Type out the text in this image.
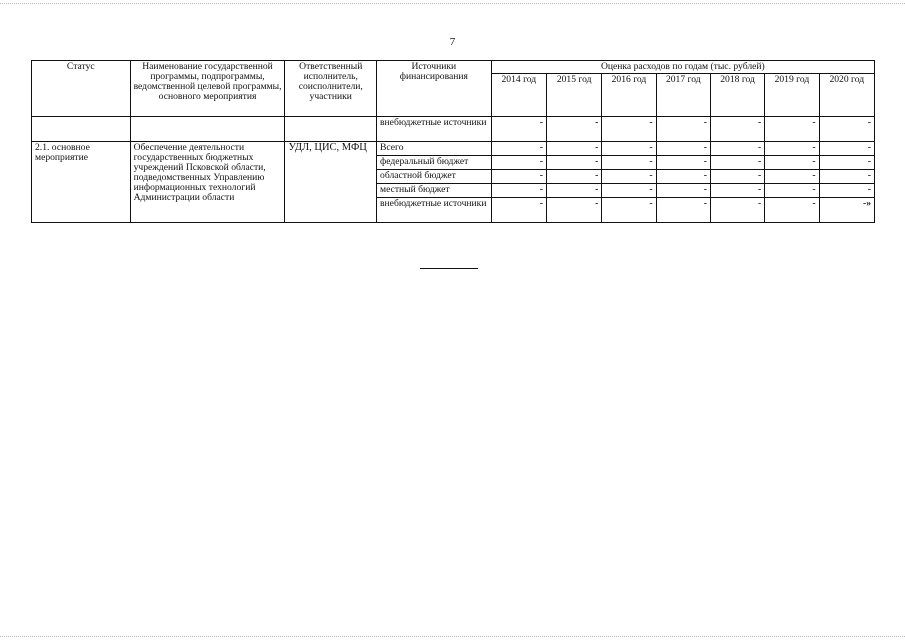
7
Статус	Наименование государственной программы, подпрограммы, ведомственной целевой программы, основного мероприятия	Ответственный исполнитель, соисполнители, участники	Источники финансирования	Оценка расходов по годам (тыс. рублей)						
				2014 год	2015 год	2016 год	2017 год	2018 год	2019 год	2020 год
			внебюджетные источники	-	-	-	-	-	-	-
2.1. основное мероприятие	Обеспечение деятельности государственных бюджетных учреждений Псковской области, подведомственных Управлению информационных технологий Администрации области	УДЛ, ЦИС, МФЦ	Всего	-	-	-	-	-	-	-
			федеральный бюджет	-	-	-	-	-	-	-
			областной бюджет	-	-	-	-	-	-	-
			местный бюджет	-	-	-	-	-	-	-
			внебюджетные источники	-	-	-	-	-	-	-»
